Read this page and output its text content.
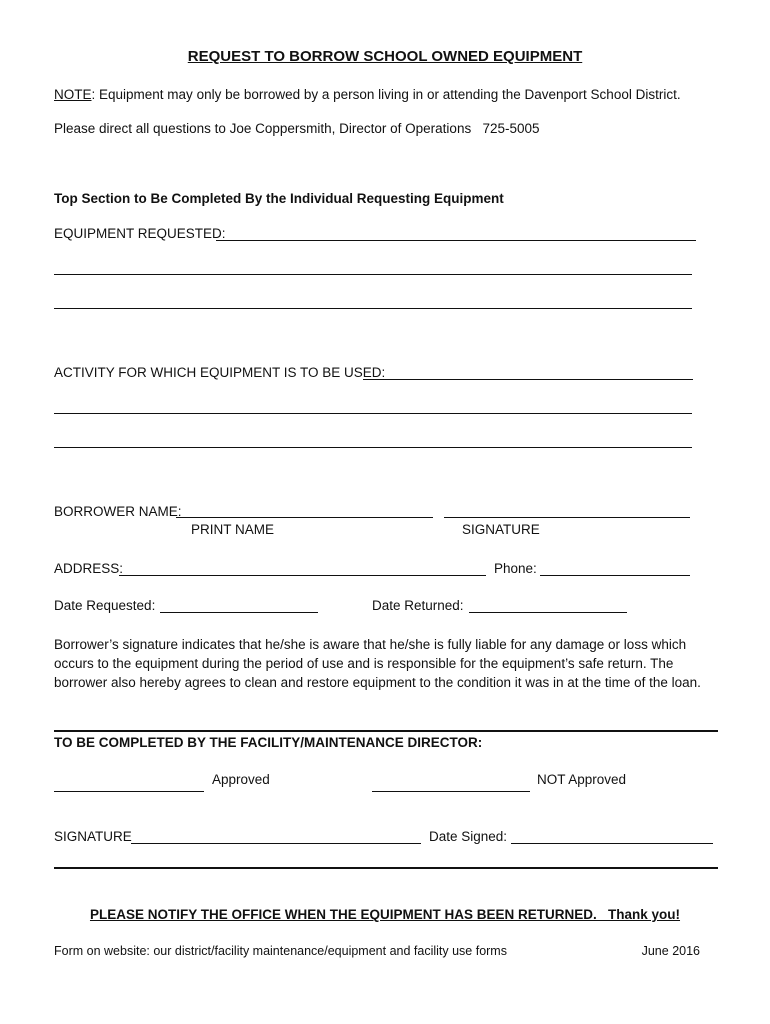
REQUEST TO BORROW SCHOOL OWNED EQUIPMENT
NOTE: Equipment may only be borrowed by a person living in or attending the Davenport School District.
Please direct all questions to Joe Coppersmith, Director of Operations   725-5005
Top Section to Be Completed By the Individual Requesting Equipment
EQUIPMENT REQUESTED:
ACTIVITY FOR WHICH EQUIPMENT IS TO BE USED:
BORROWER NAME:
PRINT NAME	SIGNATURE
ADDRESS:	Phone:
Date Requested:	Date Returned:
Borrower’s signature indicates that he/she is aware that he/she is fully liable for any damage or loss which occurs to the equipment during the period of use and is responsible for the equipment’s safe return. The borrower also hereby agrees to clean and restore equipment to the condition it was in at the time of the loan.
TO BE COMPLETED BY THE FACILITY/MAINTENANCE DIRECTOR:
Approved	NOT Approved
SIGNATURE	Date Signed:
PLEASE NOTIFY THE OFFICE WHEN THE EQUIPMENT HAS BEEN RETURNED.   Thank you!
Form on website: our district/facility maintenance/equipment and facility use forms	June 2016
